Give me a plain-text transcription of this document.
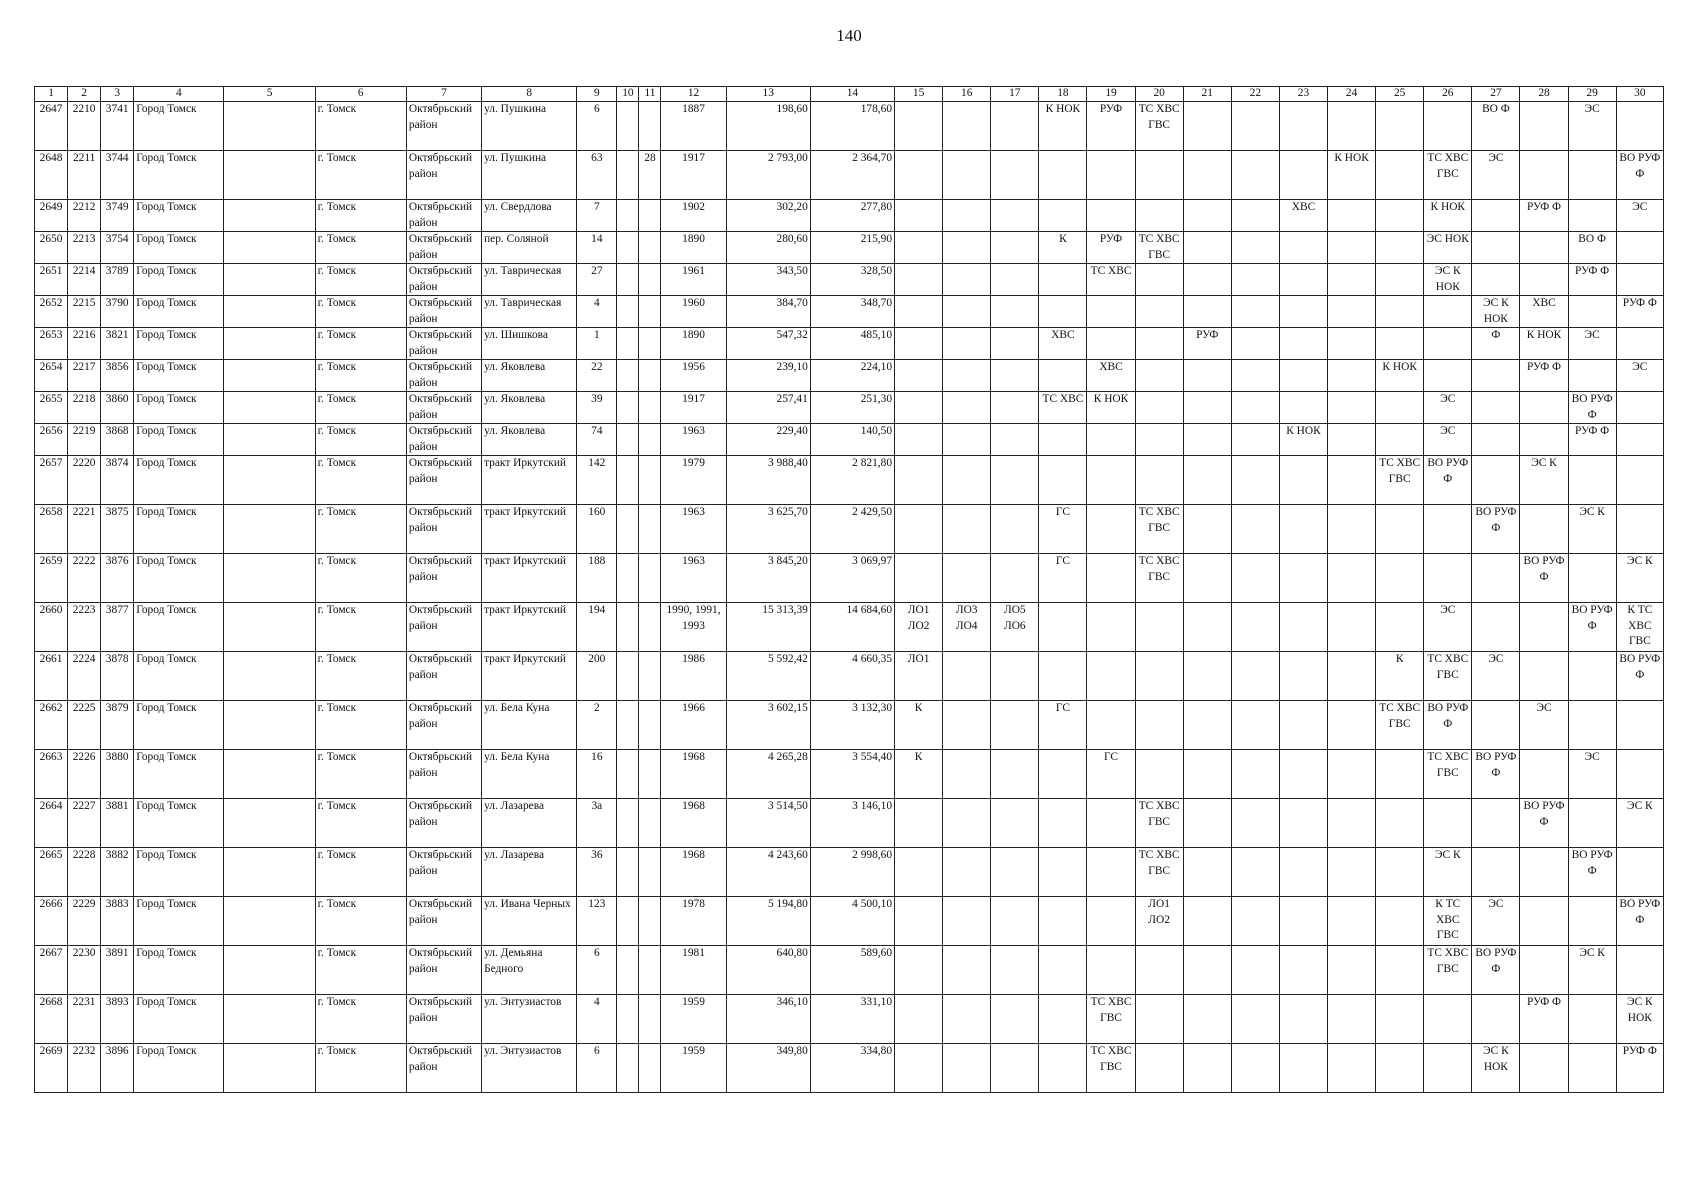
140
1	2	3	4	5	6	7	8	9	10	11	12	13	14	15	16	17	18	19	20	21	22	23	24	25	26	27	28	29	30
2647	2210	3741	Город Томск		г. Томск	Октябрьский район	ул. Пушкина	6			1887	198,60	178,60				К НОК	РУФ	ТС ХВС ГВС							ВО Ф		ЭС	
2648	2211	3744	Город Томск		г. Томск	Октябрьский район	ул. Пушкина	63		28	1917	2 793,00	2 364,70										К НОК		ТС ХВС ГВС	ЭС			ВО РУФ Ф
2649	2212	3749	Город Томск		г. Томск	Октябрьский район	ул. Свердлова	7			1902	302,20	277,80									ХВС			К НОК		РУФ Ф		ЭС
2650	2213	3754	Город Томск		г. Томск	Октябрьский район	пер. Соляной	14			1890	280,60	215,90				К	РУФ	ТС ХВС ГВС						ЭС НОК			ВО Ф	
2651	2214	3789	Город Томск		г. Томск	Октябрьский район	ул. Таврическая	27			1961	343,50	328,50					ТС ХВС							ЭС К НОК			РУФ Ф	
2652	2215	3790	Город Томск		г. Томск	Октябрьский район	ул. Таврическая	4			1960	384,70	348,70													ЭС К НОК	ХВС		РУФ Ф
2653	2216	3821	Город Томск		г. Томск	Октябрьский район	ул. Шишкова	1			1890	547,32	485,10				ХВС			РУФ						Ф	К НОК	ЭС	
2654	2217	3856	Город Томск		г. Томск	Октябрьский район	ул. Яковлева	22			1956	239,10	224,10					ХВС						К НОК			РУФ Ф		ЭС
2655	2218	3860	Город Томск		г. Томск	Октябрьский район	ул. Яковлева	39			1917	257,41	251,30				ТС ХВС	К НОК							ЭС			ВО РУФ Ф	
2656	2219	3868	Город Томск		г. Томск	Октябрьский район	ул. Яковлева	74			1963	229,40	140,50									К НОК			ЭС			РУФ Ф	
2657	2220	3874	Город Томск		г. Томск	Октябрьский район	тракт Иркутский	142			1979	3 988,40	2 821,80											ТС ХВС ГВС	ВО РУФ Ф		ЭС К		
2658	2221	3875	Город Томск		г. Томск	Октябрьский район	тракт Иркутский	160			1963	3 625,70	2 429,50				ГС		ТС ХВС ГВС							ВО РУФ Ф		ЭС К	
2659	2222	3876	Город Томск		г. Томск	Октябрьский район	тракт Иркутский	188			1963	3 845,20	3 069,97				ГС		ТС ХВС ГВС								ВО РУФ Ф		ЭС К
2660	2223	3877	Город Томск		г. Томск	Октябрьский район	тракт Иркутский	194			1990, 1991, 1993	15 313,39	14 684,60	ЛО1 ЛО2	ЛО3 ЛО4	ЛО5 ЛО6									ЭС			ВО РУФ Ф	К ТС ХВС ГВС
2661	2224	3878	Город Томск		г. Томск	Октябрьский район	тракт Иркутский	200			1986	5 592,42	4 660,35	ЛО1										К	ТС ХВС ГВС	ЭС			ВО РУФ Ф
2662	2225	3879	Город Томск		г. Томск	Октябрьский район	ул. Бела Куна	2			1966	3 602,15	3 132,30	К			ГС							ТС ХВС ГВС	ВО РУФ Ф		ЭС		
2663	2226	3880	Город Томск		г. Томск	Октябрьский район	ул. Бела Куна	16			1968	4 265,28	3 554,40	К				ГС							ТС ХВС ГВС	ВО РУФ Ф		ЭС	
2664	2227	3881	Город Томск		г. Томск	Октябрьский район	ул. Лазарева	3а			1968	3 514,50	3 146,10						ТС ХВС ГВС								ВО РУФ Ф		ЭС К
2665	2228	3882	Город Томск		г. Томск	Октябрьский район	ул. Лазарева	36			1968	4 243,60	2 998,60						ТС ХВС ГВС						ЭС К			ВО РУФ Ф	
2666	2229	3883	Город Томск		г. Томск	Октябрьский район	ул. Ивана Черных	123			1978	5 194,80	4 500,10						ЛО1 ЛО2						К ТС ХВС ГВС	ЭС			ВО РУФ Ф
2667	2230	3891	Город Томск		г. Томск	Октябрьский район	ул. Демьяна Бедного	6			1981	640,80	589,60												ТС ХВС ГВС	ВО РУФ Ф		ЭС К	
2668	2231	3893	Город Томск		г. Томск	Октябрьский район	ул. Энтузиастов	4			1959	346,10	331,10					ТС ХВС ГВС									РУФ Ф		ЭС К НОК
2669	2232	3896	Город Томск		г. Томск	Октябрьский район	ул. Энтузиастов	6			1959	349,80	334,80					ТС ХВС ГВС								ЭС К НОК			РУФ Ф
